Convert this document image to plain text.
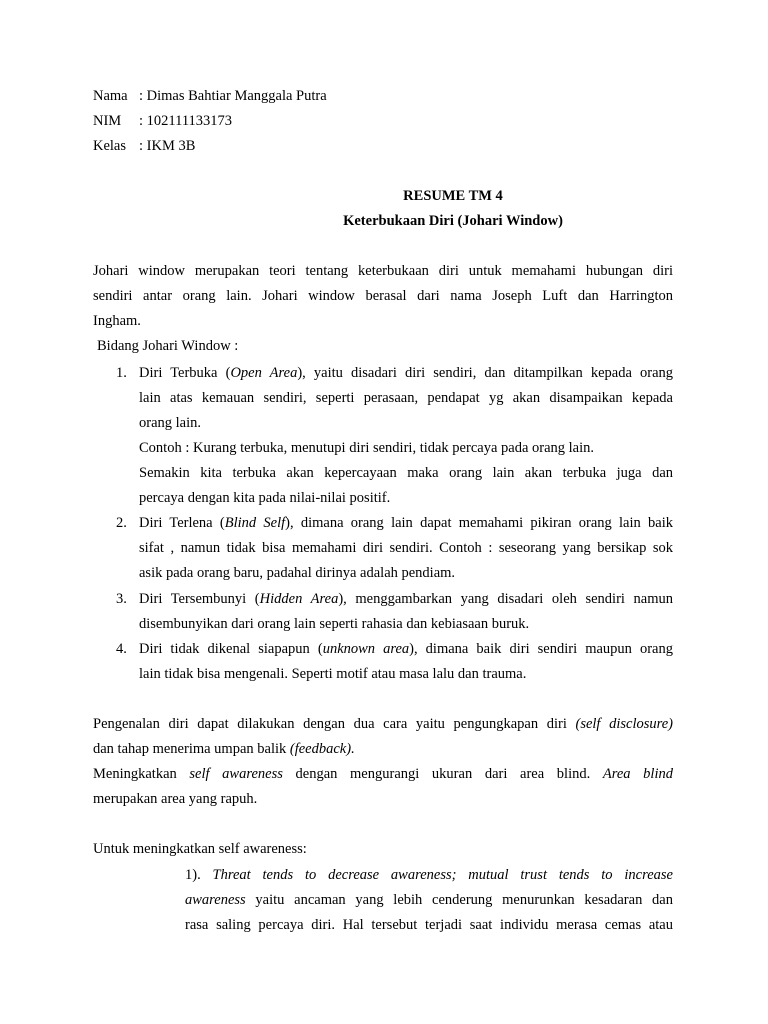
Nama : Dimas Bahtiar Manggala Putra
NIM : 102111133173
Kelas : IKM 3B
RESUME TM 4
Keterbukaan Diri (Johari Window)
Johari window merupakan teori tentang keterbukaan diri untuk memahami hubungan diri
sendiri antar orang lain. Johari window berasal dari nama Joseph Luft dan Harrington
Ingham.
Bidang Johari Window :
1. Diri Terbuka (Open Area), yaitu disadari diri sendiri, dan ditampilkan kepada orang
lain atas kemauan sendiri, seperti perasaan, pendapat yg akan disampaikan kepada
orang lain.
Contoh : Kurang terbuka, menutupi diri sendiri, tidak percaya pada orang lain.
Semakin kita terbuka akan kepercayaan maka orang lain akan terbuka juga dan
percaya dengan kita pada nilai-nilai positif.
2. Diri Terlena (Blind Self), dimana orang lain dapat memahami pikiran orang lain baik
sifat , namun tidak bisa memahami diri sendiri. Contoh : seseorang yang bersikap sok
asik pada orang baru, padahal dirinya adalah pendiam.
3. Diri Tersembunyi (Hidden Area), menggambarkan yang disadari oleh sendiri namun
disembunyikan dari orang lain seperti rahasia dan kebiasaan buruk.
4. Diri tidak dikenal siapapun (unknown area), dimana baik diri sendiri maupun orang
lain tidak bisa mengenali. Seperti motif atau masa lalu dan trauma.
Pengenalan diri dapat dilakukan dengan dua cara yaitu pengungkapan diri (self disclosure)
dan tahap menerima umpan balik (feedback).
Meningkatkan self awareness dengan mengurangi ukuran dari area blind. Area blind
merupakan area yang rapuh.
Untuk meningkatkan self awareness:
1). Threat tends to decrease awareness; mutual trust tends to increase
awareness yaitu ancaman yang lebih cenderung menurunkan kesadaran dan
rasa saling percaya diri. Hal tersebut terjadi saat individu merasa cemas atau
